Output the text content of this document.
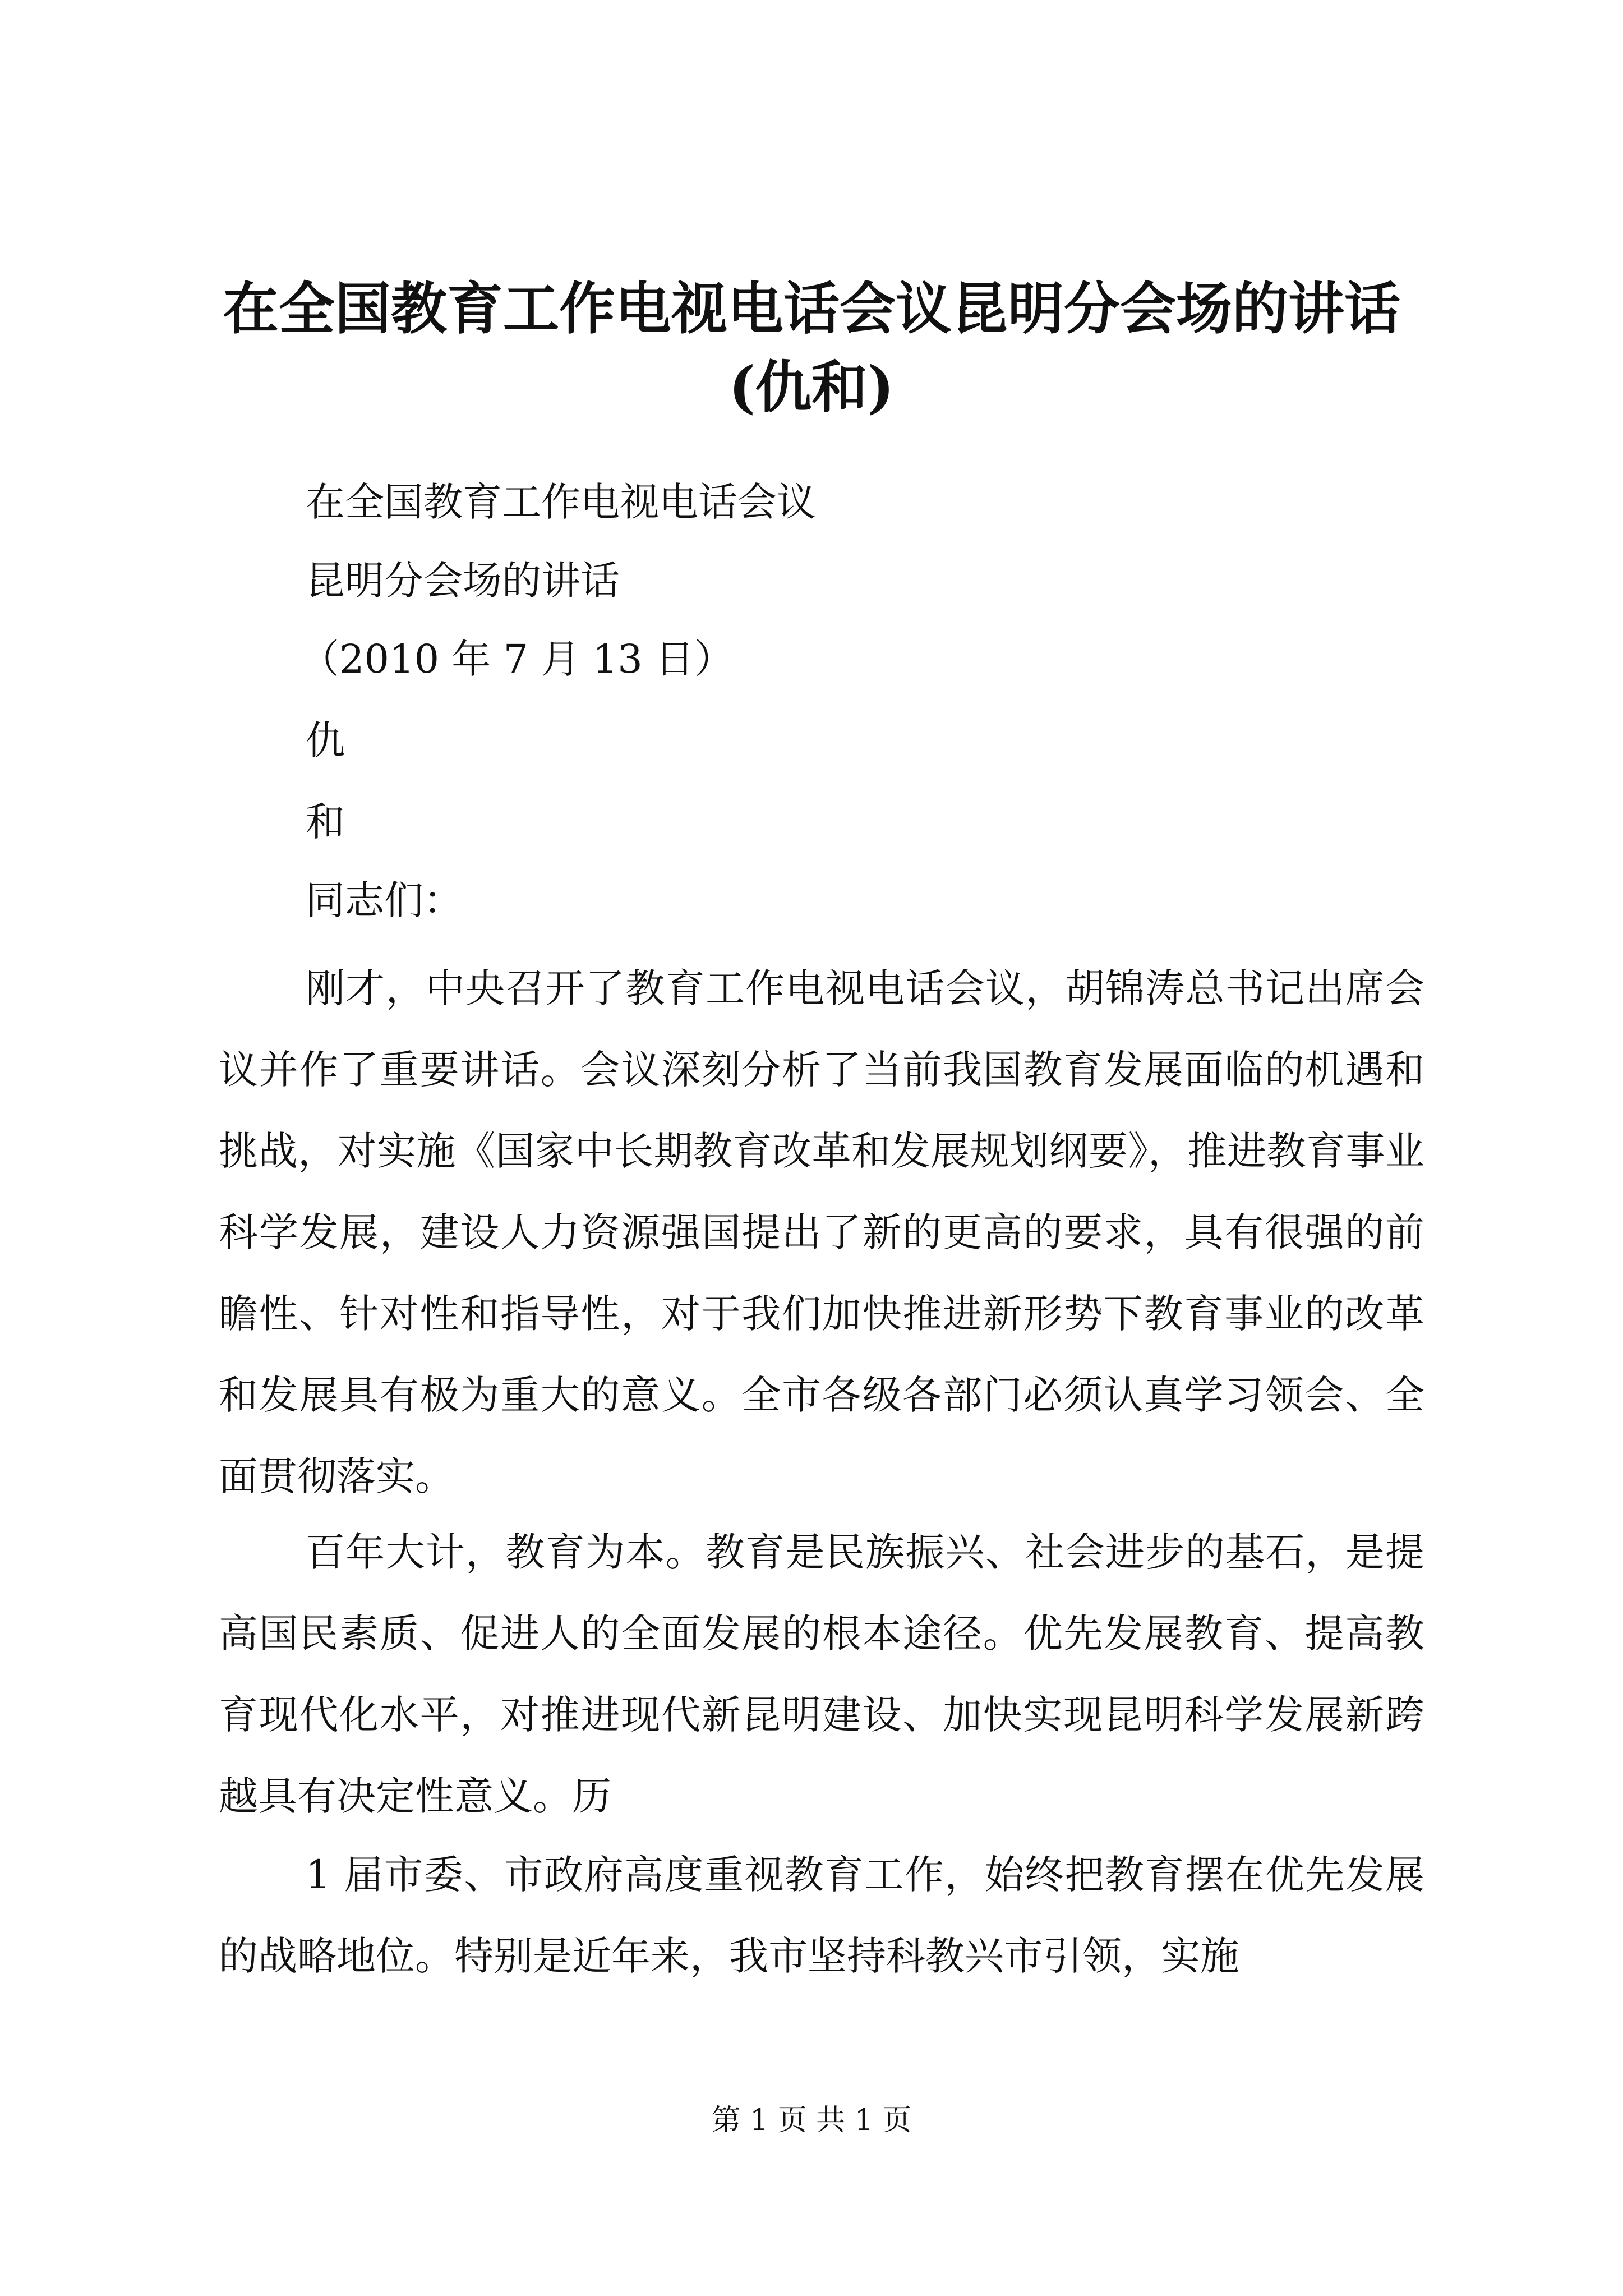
在全国教育工作电视电话会议昆明分会场的讲话(仇和)

在全国教育工作电视电话会议

昆明分会场的讲话

（2010 年 7 月 13 日）

仇

和

同志们：

刚才，中央召开了教育工作电视电话会议，胡锦涛总书记出席会议并作了重要讲话。会议深刻分析了当前我国教育发展面临的机遇和挑战，对实施《国家中长期教育改革和发展规划纲要》，推进教育事业科学发展，建设人力资源强国提出了新的更高的要求，具有很强的前瞻性、针对性和指导性，对于我们加快推进新形势下教育事业的改革和发展具有极为重大的意义。全市各级各部门必须认真学习领会、全面贯彻落实。

百年大计，教育为本。教育是民族振兴、社会进步的基石，是提高国民素质、促进人的全面发展的根本途径。优先发展教育、提高教育现代化水平，对推进现代新昆明建设、加快实现昆明科学发展新跨越具有决定性意义。历

1 届市委、市政府高度重视教育工作，始终把教育摆在优先发展的战略地位。特别是近年来，我市坚持科教兴市引领，实施

第 1 页 共 1 页
